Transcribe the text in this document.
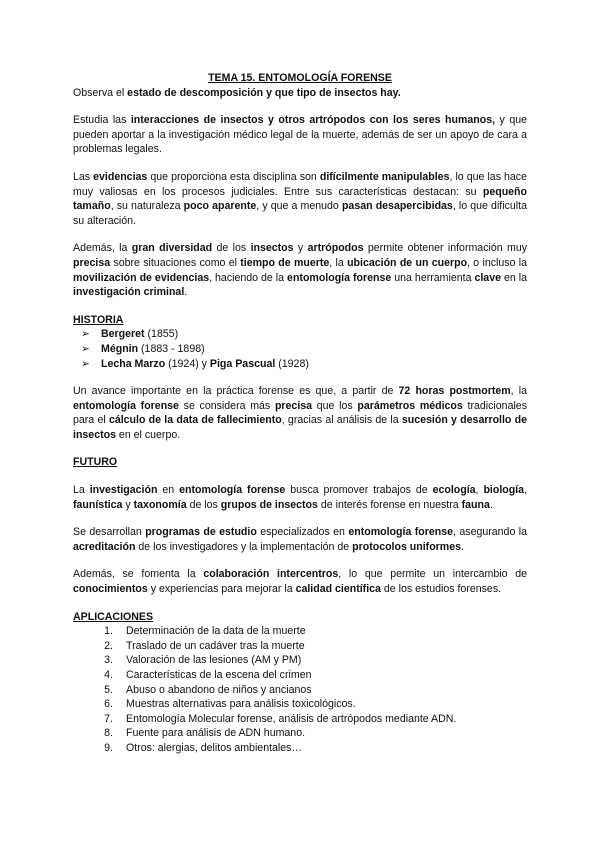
TEMA 15. ENTOMOLOGÍA FORENSE

Observa el estado de descomposición y que tipo de insectos hay.

Estudia las interacciones de insectos y otros artrópodos con los seres humanos, y que pueden aportar a la investigación médico legal de la muerte, además de ser un apoyo de cara a problemas legales.

Las evidencias que proporciona esta disciplina son difícilmente manipulables, lo que las hace muy valiosas en los procesos judiciales. Entre sus características destacan: su pequeño tamaño, su naturaleza poco aparente, y que a menudo pasan desapercibidas, lo que dificulta su alteración.

Además, la gran diversidad de los insectos y artrópodos permite obtener información muy precisa sobre situaciones como el tiempo de muerte, la ubicación de un cuerpo, o incluso la movilización de evidencias, haciendo de la entomología forense una herramienta clave en la investigación criminal.

HISTORIA
➢ Bergeret (1855)
➢ Mégnin (1883 - 1898)
➢ Lecha Marzo (1924) y Piga Pascual (1928)

Un avance importante en la práctica forense es que, a partir de 72 horas postmortem, la entomología forense se considera más precisa que los parámetros médicos tradicionales para el cálculo de la data de fallecimiento, gracias al análisis de la sucesión y desarrollo de insectos en el cuerpo.

FUTURO

La investigación en entomología forense busca promover trabajos de ecología, biología, faunística y taxonomía de los grupos de insectos de interés forense en nuestra fauna.

Se desarrollan programas de estudio especializados en entomología forense, asegurando la acreditación de los investigadores y la implementación de protocolos uniformes.

Además, se fomenta la colaboración intercentros, lo que permite un intercambio de conocimientos y experiencias para mejorar la calidad científica de los estudios forenses.

APLICACIONES
1.	Determinación de la data de la muerte
2.	Traslado de un cadáver tras la muerte
3.	Valoración de las lesiones (AM y PM)
4.	Características de la escena del crimen
5.	Abuso o abandono de niños y ancianos
6.	Muestras alternativas para análisis toxicológicos.
7.	Entomología Molecular forense, análisis de artrópodos mediante ADN.
8.	Fuente para análisis de ADN humano.
9.	Otros: alergias, delitos ambientales…
